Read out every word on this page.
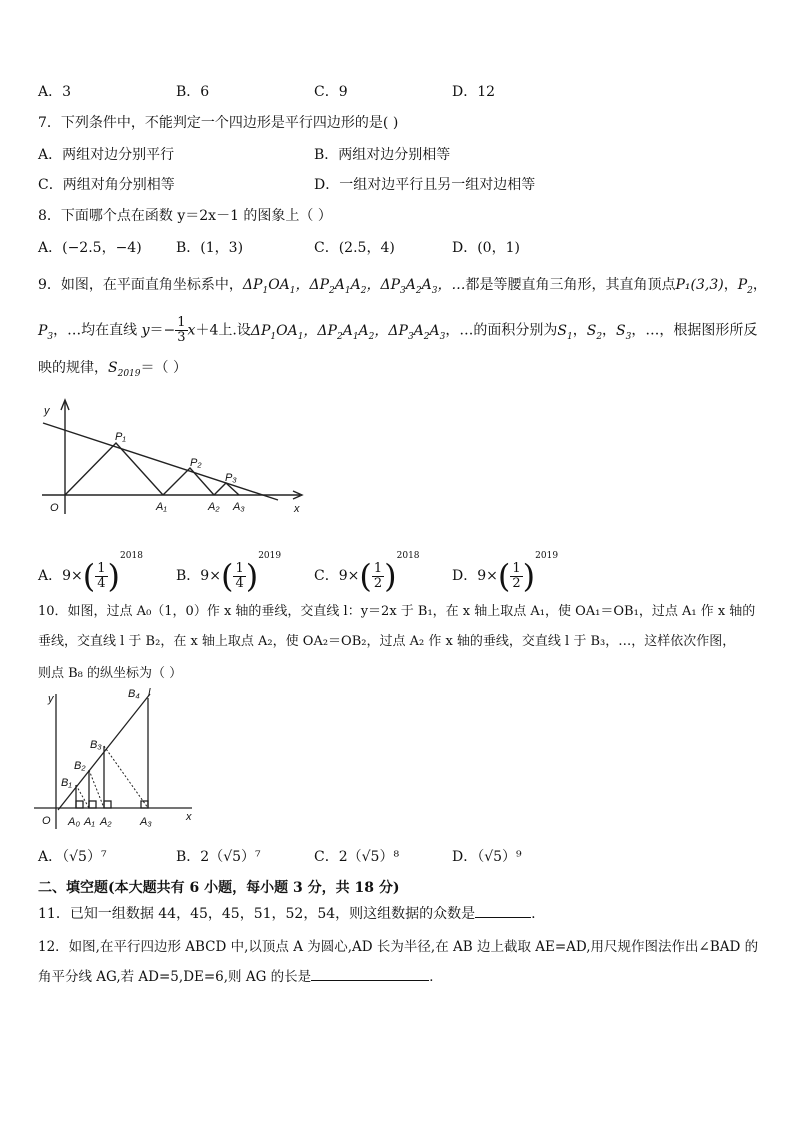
A．3	B．6	C．9	D．12
7．下列条件中，不能判定一个四边形是平行四边形的是( )
A．两组对边分别平行	B．两组对边分别相等
C．两组对角分别相等	D．一组对边平行且另一组对边相等
8．下面哪个点在函数 y＝2x－1 的图象上（ ）
A．(−2.5，−4) B．(1，3)	C．(2.5，4)	D．(0，1)
9．如图，在平面直角坐标系中，$\Delta P_1OA_1$，$\Delta P_2A_1A_2$，$\Delta P_3A_2A_3$，…都是等腰直角三角形，其直角顶点P₁(3,3)，$P_2$，
$P_3$，…均在直线 $y=- \frac{1}{3} x+4$上.设$\Delta P_1OA_1$，$\Delta P_2A_1A_2$，$\Delta P_3A_2A_3$，…的面积分别为$S_1$，$S_2$，$S_3$，…，根据图形所反
映的规律，$S_{2019}=$（ ）
y
O	x
P₁
P₂
P₃
A₁	A₂ A₃
A．$9\times( \frac{1}{4} )^{2018}$
B．$9\times( \frac{1}{4} )^{2019}$
C．$9\times( \frac{1}{2} )^{2018}$
D．$9\times( \frac{1}{2} )^{2019}$
10．如图，过点 A₀（1，0）作 x 轴的垂线，交直线 l：y＝2x 于 B₁，在 x 轴上取点 A₁，使 OA₁＝OB₁，过点 A₁ 作 x 轴的
垂线，交直线 l 于 B₂，在 x 轴上取点 A₂，使 OA₂＝OB₂，过点 A₂ 作 x 轴的垂线，交直线 l 于 B₃，…，这样依次作图，
则点 B₈ 的纵坐标为（ ）
y
O	x
l
A₀ A₁ A₂	A₃
B₁
B₂
B₃
B₄
A．（√5）⁷	B．2（√5）⁷	C．2（√5）⁸	D．（√5）⁹
二、填空题(本大题共有 6 小题，每小题 3 分，共 18 分)
11．已知一组数据 44，45，45，51，52，54，则这组数据的众数是	.
12．如图,在平行四边形 ABCD 中,以顶点 A 为圆心,AD 长为半径,在 AB 边上截取 AE=AD,用尺规作图法作出∠BAD 的
角平分线 AG,若 AD=5,DE=6,则 AG 的长是	．
